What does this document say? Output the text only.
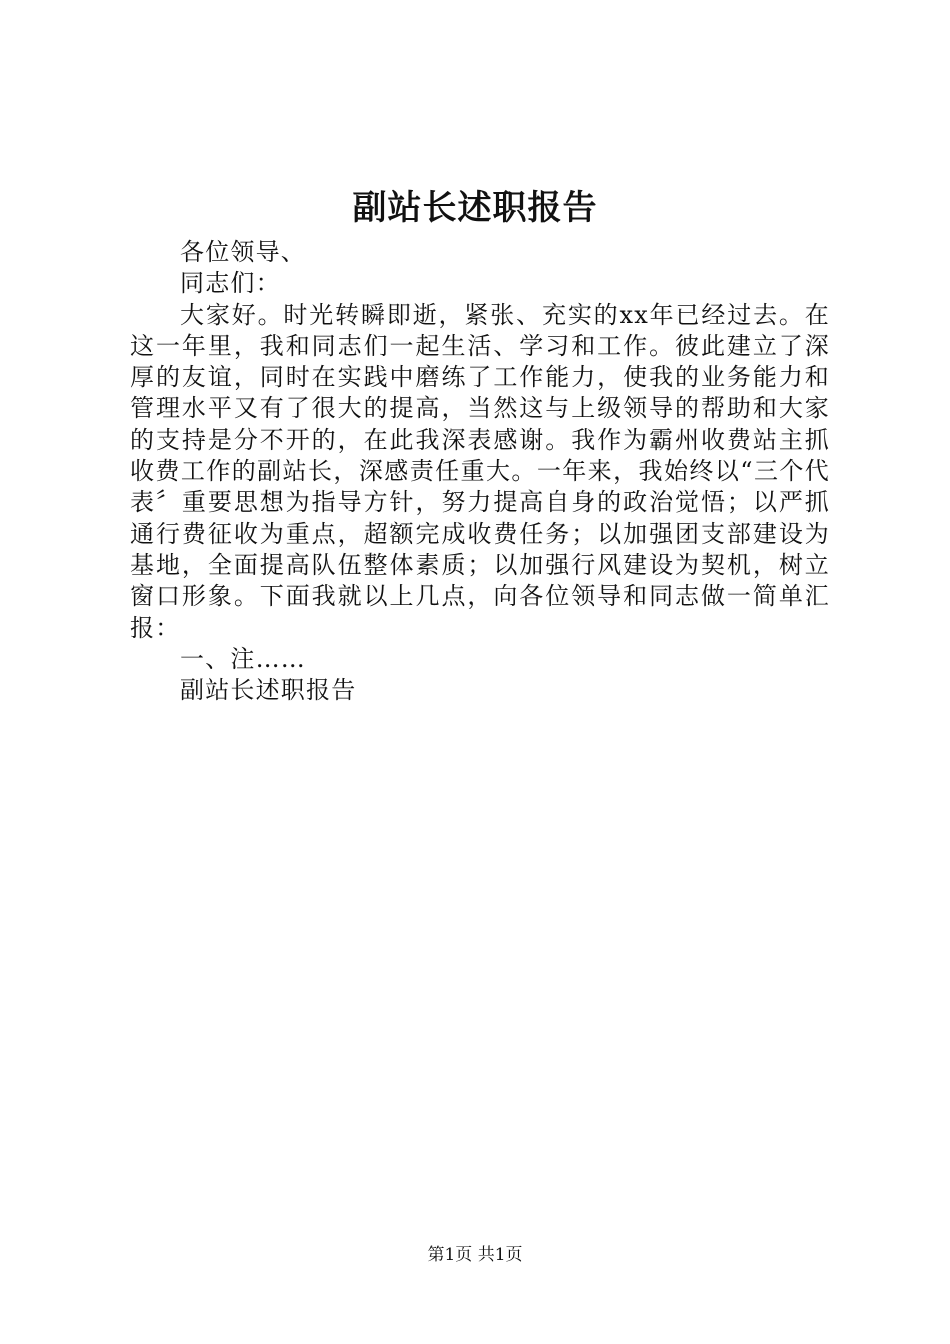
副站长述职报告

各位领导、

同志们：

大家好。时光转瞬即逝，紧张、充实的xx年已经过去。在这一年里，我和同志们一起生活、学习和工作。彼此建立了深厚的友谊，同时在实践中磨练了工作能力，使我的业务能力和管理水平又有了很大的提高，当然这与上级领导的帮助和大家的支持是分不开的，在此我深表感谢。我作为霸州收费站主抓收费工作的副站长，深感责任重大。一年来，我始终以“三个代表〞重要思想为指导方针，努力提高自身的政治觉悟；以严抓通行费征收为重点，超额完成收费任务；以加强团支部建设为基地，全面提高队伍整体素质；以加强行风建设为契机，树立窗口形象。下面我就以上几点，向各位领导和同志做一简单汇报：

一、注……

副站长述职报告

第1页 共1页
